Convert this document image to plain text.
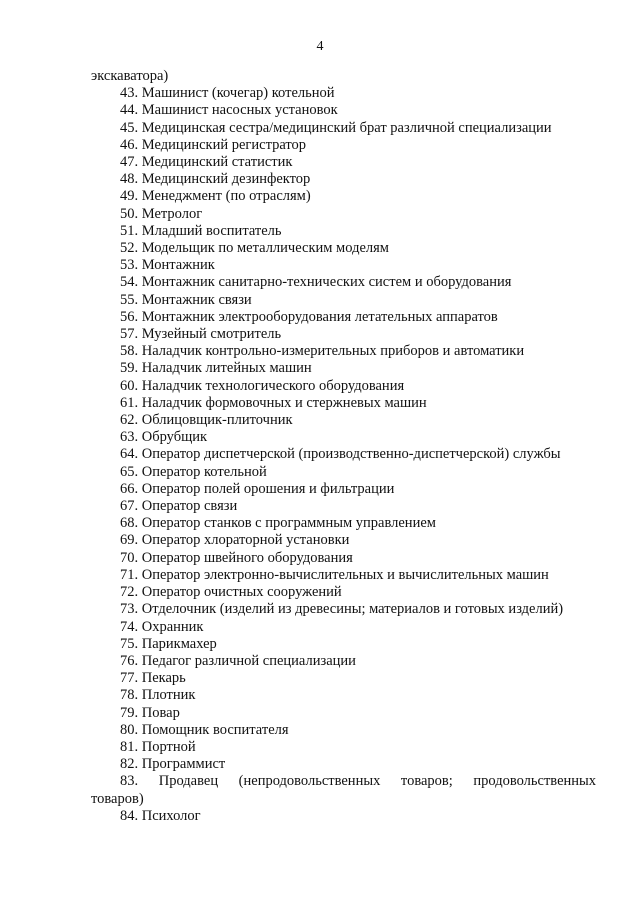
4

экскаватора)

43. Машинист (кочегар) котельной
44. Машинист насосных установок
45. Медицинская сестра/медицинский брат различной специализации
46. Медицинский регистратор
47. Медицинский статистик
48. Медицинский дезинфектор
49. Менеджмент (по отраслям)
50. Метролог
51. Младший воспитатель
52. Модельщик по металлическим моделям
53. Монтажник
54. Монтажник санитарно-технических систем и оборудования
55. Монтажник связи
56. Монтажник электрооборудования летательных аппаратов
57. Музейный смотритель
58. Наладчик контрольно-измерительных приборов и автоматики
59. Наладчик литейных машин
60. Наладчик технологического оборудования
61. Наладчик формовочных и стержневых машин
62. Облицовщик-плиточник
63. Обрубщик
64. Оператор диспетчерской (производственно-диспетчерской) службы
65. Оператор котельной
66. Оператор полей орошения и фильтрации
67. Оператор связи
68. Оператор станков с программным управлением
69. Оператор хлораторной установки
70. Оператор швейного оборудования
71. Оператор электронно-вычислительных и вычислительных машин
72. Оператор очистных сооружений
73. Отделочник (изделий из древесины; материалов и готовых изделий)
74. Охранник
75. Парикмахер
76. Педагог различной специализации
77. Пекарь
78. Плотник
79. Повар
80. Помощник воспитателя
81. Портной
82. Программист
83. Продавец (непродовольственных товаров; продовольственных
товаров)
84. Психолог
